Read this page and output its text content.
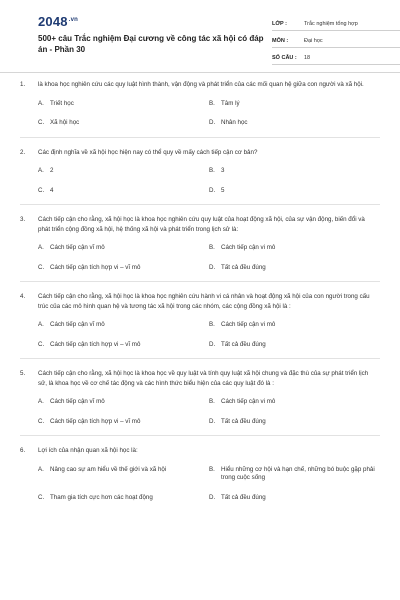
$2048^{.vn}$
500+ câu Trắc nghiệm Đại cương về công tác xã hội có đáp án - Phần 30
LỚP :	Trắc nghiệm tổng hợp
MÔN :	Đại học
SỐ CÂU :	18
1.	là khoa học nghiên cứu các quy luật hình thành, vận động và phát triển của các mối quan hệ giữa con người và xã hội.
A. Triết học	B. Tâm lý
C. Xã hội học	D. Nhân học
2.	Các định nghĩa về xã hội học hiện nay có thể quy về mấy cách tiếp cận cơ bản?
A. 2	B. 3
C. 4	D. 5
3.	Cách tiếp cận cho rằng, xã hội học là khoa học nghiên cứu quy luật của hoạt động xã hội, của sự vận động, biến đổi và phát triển cộng đồng xã hội, hệ thống xã hội và phát triển trong lịch sử là:
A. Cách tiếp cận vĩ mô	B. Cách tiếp cận vi mô
C. Cách tiếp cận tích hợp vi – vĩ mô	D. Tất cả đều đúng
4.	Cách tiếp cận cho rằng, xã hội học là khoa học nghiên cứu hành vi cá nhân và hoạt động xã hội của con người trong cấu trúc của các mô hình quan hệ và tương tác xã hội trong các nhóm, các cộng đồng xã hội là :
A. Cách tiếp cận vĩ mô	B. Cách tiếp cận vi mô
C. Cách tiếp cận tích hợp vi – vĩ mô	D. Tất cả đều đúng
5.	Cách tiếp cận cho rằng, xã hội học là khoa học về quy luật và tính quy luật xã hội chung và đặc thù của sự phát triển lịch sử, là khoa học về cơ chế tác động và các hình thức biểu hiện của các quy luật đó là :
A. Cách tiếp cận vĩ mô	B. Cách tiếp cận vi mô
C. Cách tiếp cận tích hợp vi – vĩ mô	D. Tất cả đều đúng
6.	Lợi ích của nhận quan xã hội học là:
A. Nâng cao sự am hiểu về thế giới và xã hội	B. Hiểu những cơ hội và hạn chế, những bó buộc gặp phải trong cuộc sống
C. Tham gia tích cực hơn các hoạt động	D. Tất cả đều đúng
